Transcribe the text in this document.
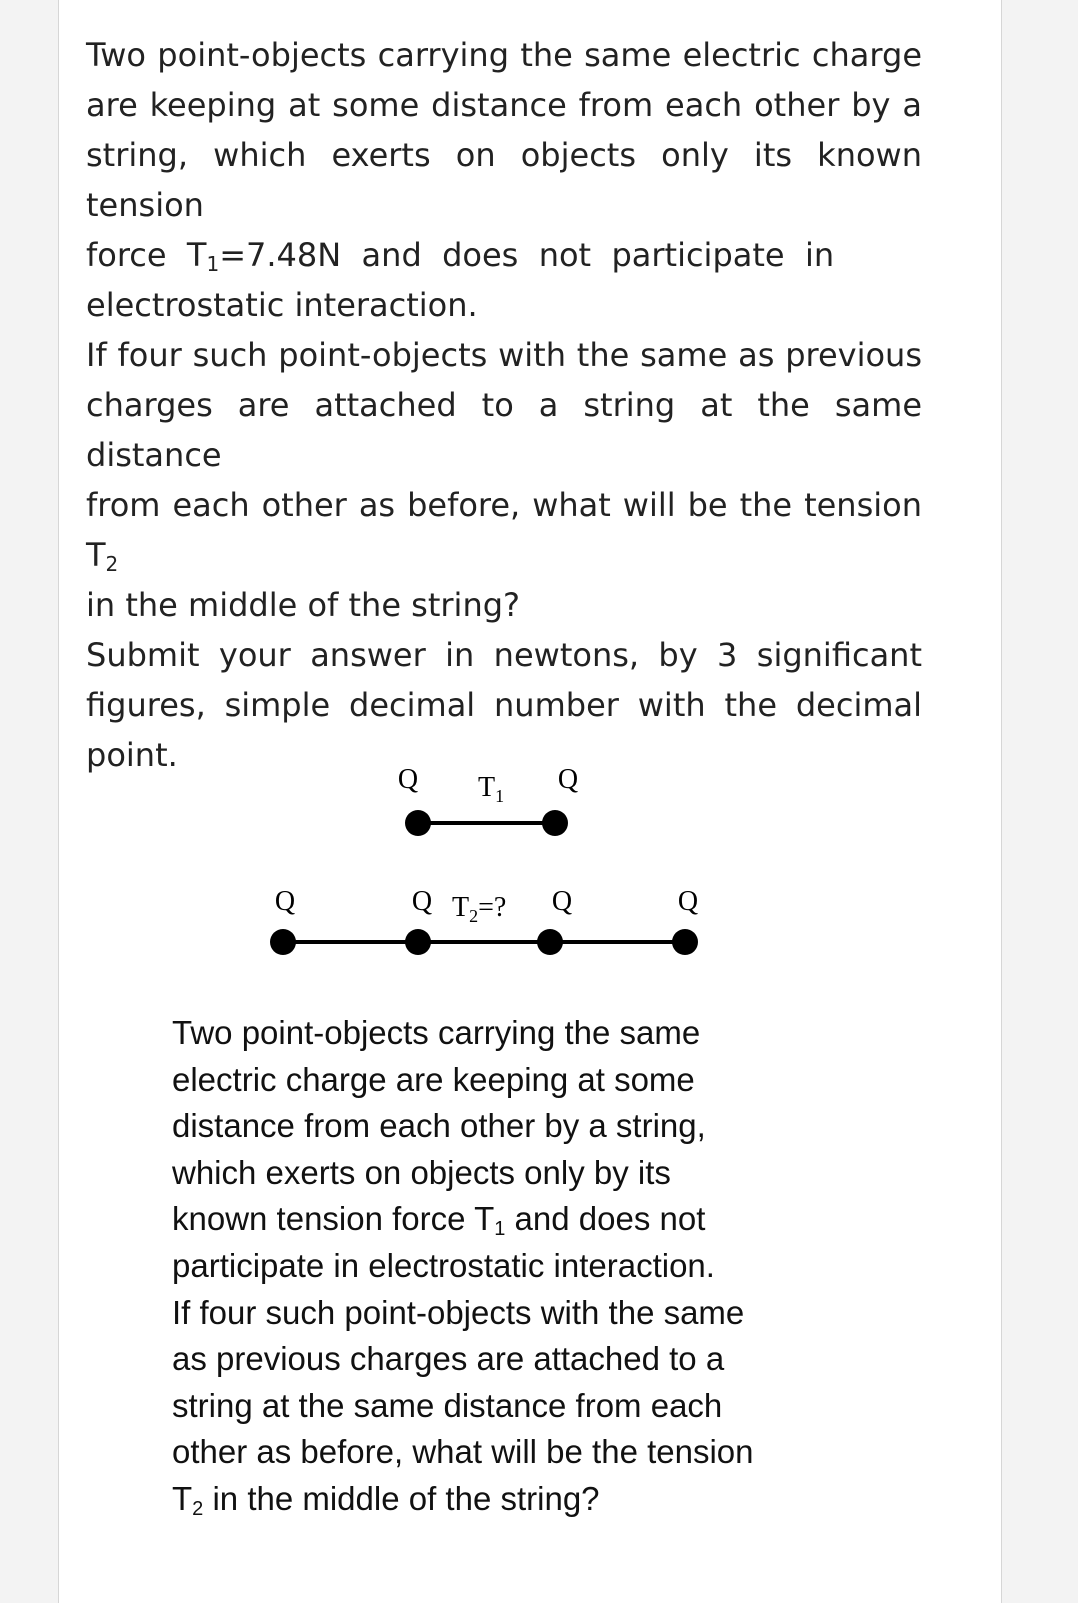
Two point-objects carrying the same electric charge
are keeping at some distance from each other by a
string, which exerts on objects only its known tension
force  $T_1=7.48N$  and  does  not  participate  in
electrostatic interaction.
If four such point-objects with the same as previous
charges are attached to a string at the same distance
from each other as before, what will be the tension $T_2$
in the middle of the string?
Submit your answer in newtons, by 3 significant
figures, simple decimal number with the decimal
point.
Q	Q
$T_1$
Q	Q	Q	Q
$T_2=$?
Two point-objects carrying the same
electric charge are keeping at some
distance from each other by a string,
which exerts on objects only by its
known tension force $T_1$ and does not
participate in electrostatic interaction.
If four such point-objects with the same
as previous charges are attached to a
string at the same distance from each
other as before, what will be the tension
$T_2$ in the middle of the string?
